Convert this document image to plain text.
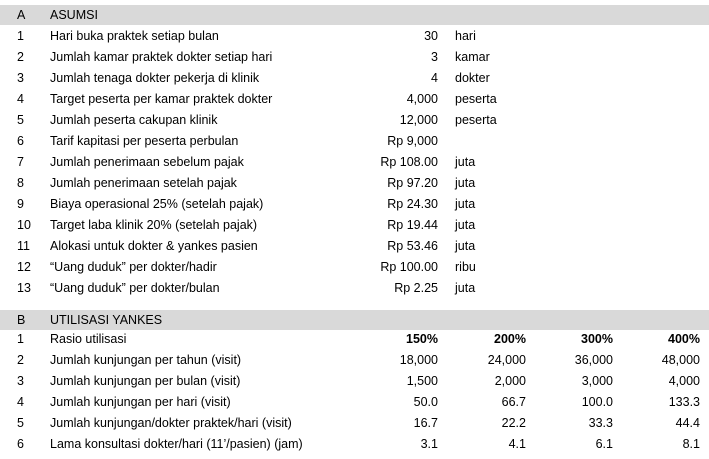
A	ASUMSI
1	Hari buka praktek setiap bulan	30 hari
2	Jumlah kamar praktek dokter setiap hari	3 kamar
3	Jumlah tenaga dokter pekerja di klinik	4 dokter
4	Target peserta per kamar praktek dokter	4,000 peserta
5	Jumlah peserta cakupan klinik	12,000 peserta
6	Tarif kapitasi per peserta perbulan	Rp 9,000
7	Jumlah penerimaan sebelum pajak	Rp 108.00 juta
8	Jumlah penerimaan setelah pajak	Rp 97.20 juta
9	Biaya operasional 25% (setelah pajak)	Rp 24.30 juta
10	Target laba klinik 20% (setelah pajak)	Rp 19.44 juta
11	Alokasi untuk dokter & yankes pasien	Rp 53.46 juta
12	“Uang duduk” per dokter/hadir	Rp 100.00 ribu
13	“Uang duduk” per dokter/bulan	Rp 2.25 juta
B	UTILISASI YANKES
1	Rasio utilisasi	150%	200%	300%	400%
2	Jumlah kunjungan per tahun (visit)	18,000	24,000	36,000	48,000
3	Jumlah kunjungan per bulan (visit)	1,500	2,000	3,000	4,000
4	Jumlah kunjungan per hari (visit)	50.0	66.7	100.0	133.3
5	Jumlah kunjungan/dokter praktek/hari (visit)	16.7	22.2	33.3	44.4
6	Lama konsultasi dokter/hari (11’/pasien) (jam)	3.1	4.1	6.1	8.1
